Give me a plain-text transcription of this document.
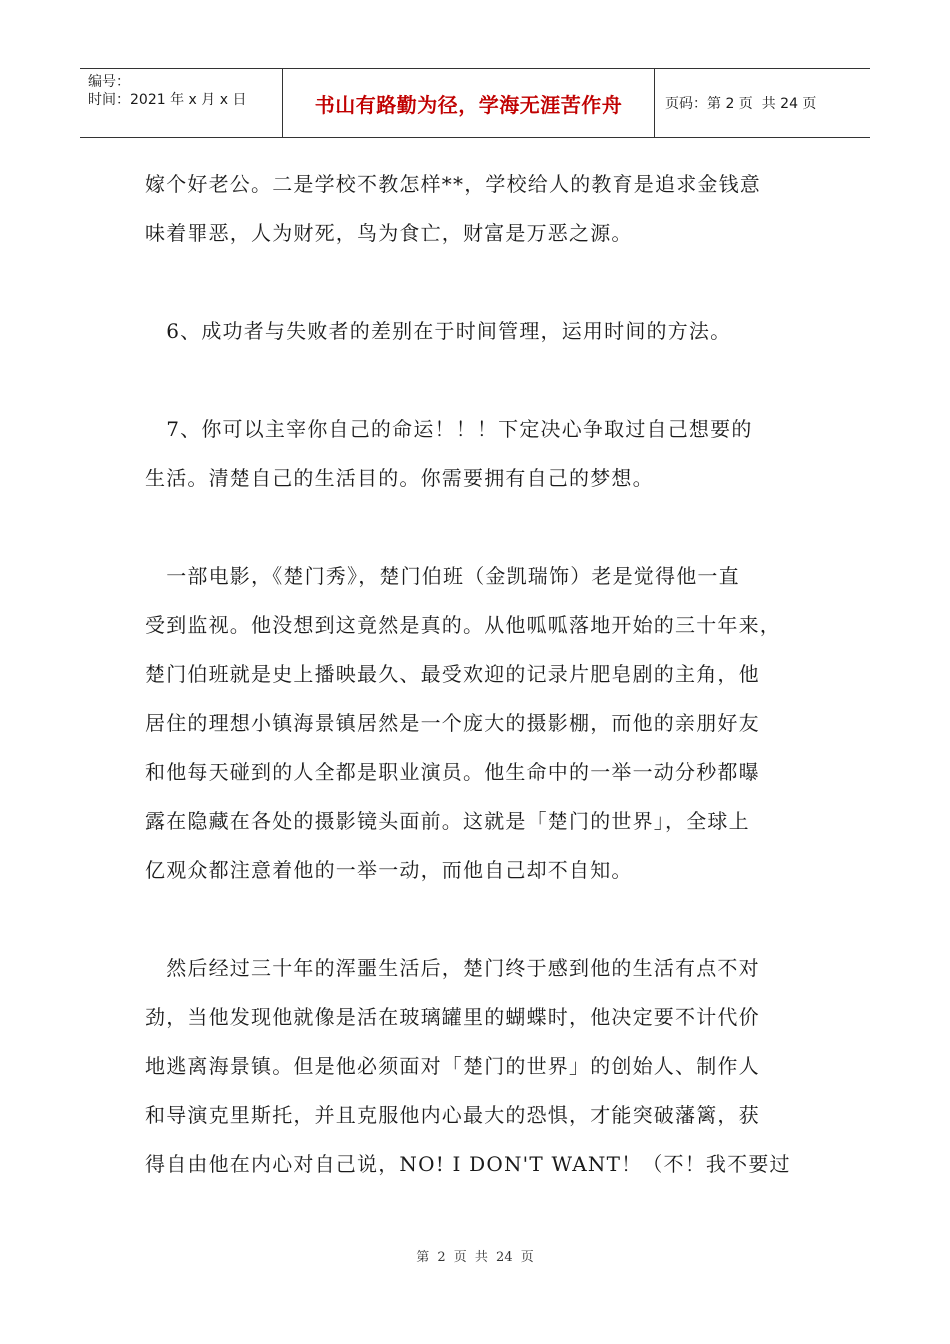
编号：
时间：2021 年 x 月 x 日	书山有路勤为径，学海无涯苦作舟	页码：第 2 页  共 24 页

嫁个好老公。二是学校不教怎样**，学校给人的教育是追求金钱意

味着罪恶，人为财死，鸟为食亡，财富是万恶之源。

　6、成功者与失败者的差别在于时间管理，运用时间的方法。

　7、你可以主宰你自己的命运！！！下定决心争取过自己想要的

生活。清楚自己的生活目的。你需要拥有自己的梦想。

　一部电影，《楚门秀》，楚门伯班（金凯瑞饰）老是觉得他一直

受到监视。他没想到这竟然是真的。从他呱呱落地开始的三十年来，

楚门伯班就是史上播映最久、最受欢迎的记录片肥皂剧的主角，他

居住的理想小镇海景镇居然是一个庞大的摄影棚，而他的亲朋好友

和他每天碰到的人全都是职业演员。他生命中的一举一动分秒都曝

露在隐藏在各处的摄影镜头面前。这就是「楚门的世界」，全球上

亿观众都注意着他的一举一动，而他自己却不自知。

　然后经过三十年的浑噩生活后，楚门终于感到他的生活有点不对

劲，当他发现他就像是活在玻璃罐里的蝴蝶时，他决定要不计代价

地逃离海景镇。但是他必须面对「楚门的世界」的创始人、制作人

和导演克里斯托，并且克服他内心最大的恐惧，才能突破藩篱，获

得自由他在内心对自己说，NO! I DON'T WANT！（不！我不要过

第 2 页 共 24 页
